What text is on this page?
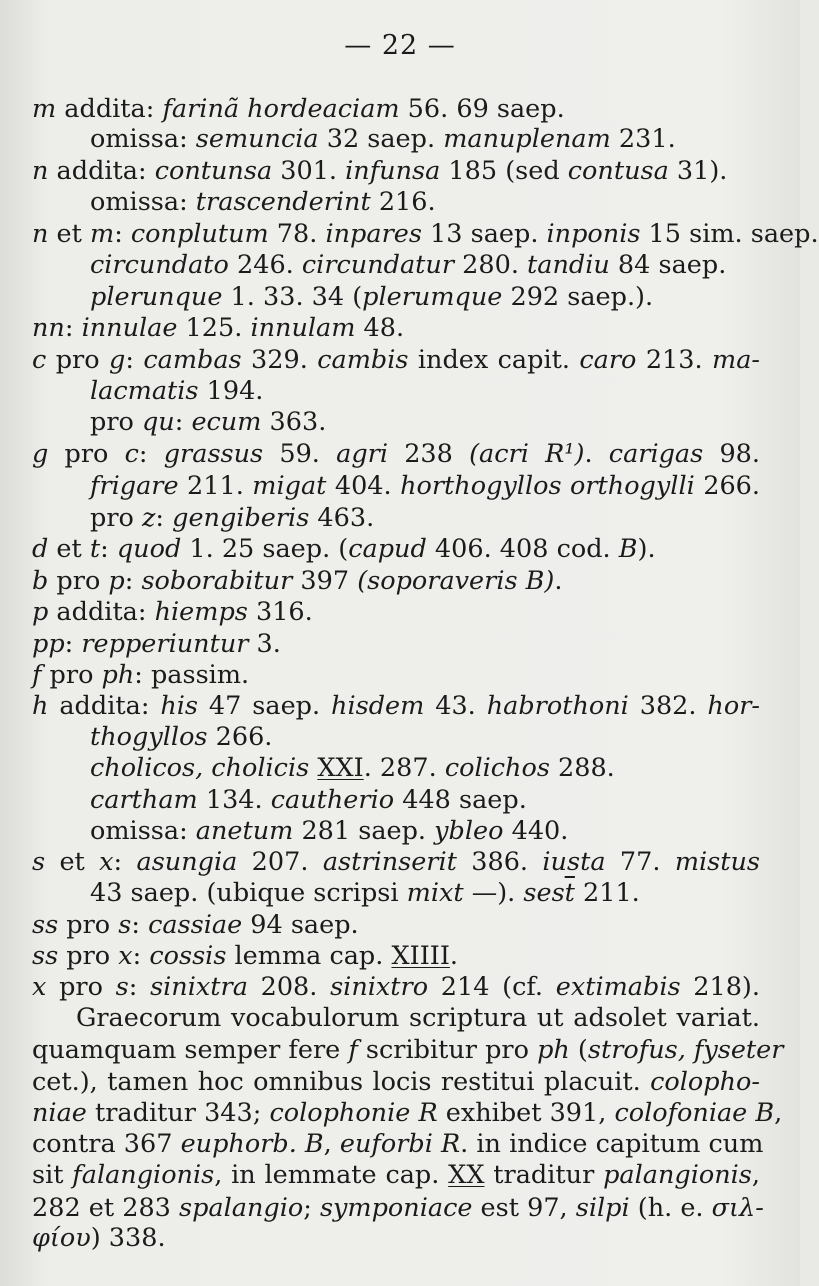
— 22 —
m addita: farinã hordeaciam 56. 69 saep.
omissa: semuncia 32 saep. manuplenam 231.
n addita: contunsa 301. infunsa 185 (sed contusa 31).
omissa: trascenderint 216.
n et m: conplutum 78. inpares 13 saep. inponis 15 sim. saep.
circundato 246. circundatur 280. tandiu 84 saep.
plerunque 1. 33. 34 (plerumque 292 saep.).
nn: innulae 125. innulam 48.
c pro g: cambas 329. cambis index capit. caro 213. ma-
lacmatis 194.
pro qu: ecum 363.
g pro c: grassus 59. agri 238 (acri R¹). carigas 98.
frigare 211. migat 404. horthogyllos orthogylli 266.
pro z: gengiberis 463.
d et t: quod 1. 25 saep. (capud 406. 408 cod. B).
b pro p: soborabitur 397 (soporaveris B).
p addita: hiemps 316.
pp: repperiuntur 3.
f pro ph: passim.
h addita: his 47 saep. hisdem 43. habrothoni 382. hor-
thogyllos 266.
cholicos, cholicis XXI. 287. colichos 288.
cartham 134. cautherio 448 saep.
omissa: anetum 281 saep. ybleo 440.
s et x: asungia 207. astrinserit 386. iusta 77. mistus
43 saep. (ubique scripsi mixt —). $ses\overline{t}$ 211.
ss pro s: cassiae 94 saep.
ss pro x: cossis lemma cap. XIIII.
x pro s: sinixtra 208. sinixtro 214 (cf. extimabis 218).
Graecorum vocabulorum scriptura ut adsolet variat.
quamquam semper fere f scribitur pro ph (strofus, fyseter
cet.), tamen hoc omnibus locis restitui placuit. colopho-
niae traditur 343; colophonie R exhibet 391, colofoniae B,
contra 367 euphorb. B, euforbi R. in indice capitum cum
sit falangionis, in lemmate cap. XX traditur palangionis,
282 et 283 spalangio; symponiace est 97, silpi (h. e. σιλ-
φίου) 338.
